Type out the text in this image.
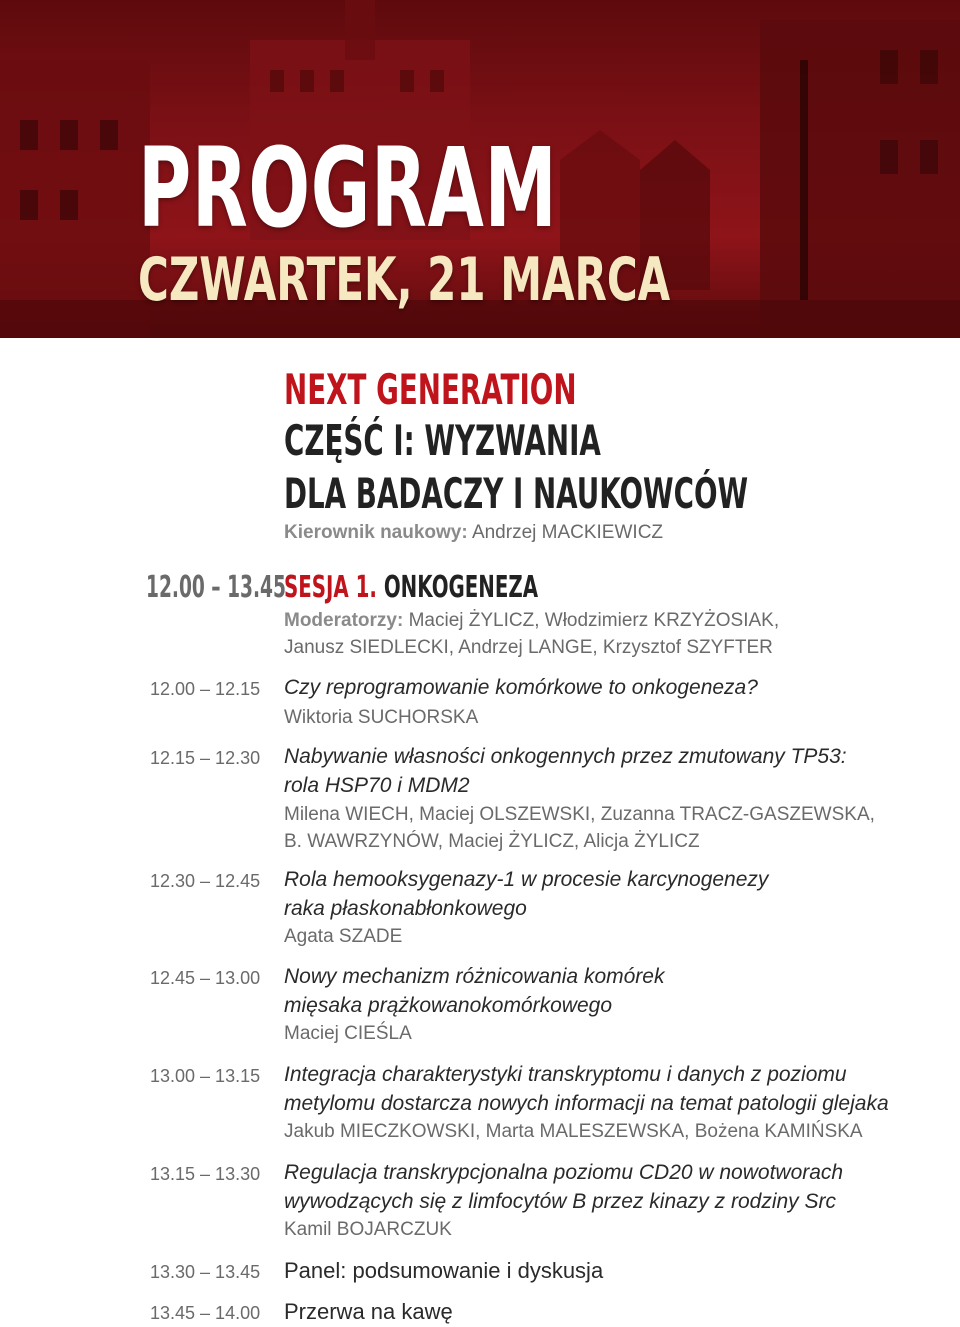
PROGRAM
CZWARTEK, 21 MARCA
NEXT GENERATION
CZĘŚĆ I: WYZWANIA
DLA BADACZY I NAUKOWCÓW
Kierownik naukowy: Andrzej MACKIEWICZ
12.00 – 13.45
SESJA 1. ONKOGENEZA
Moderatorzy: Maciej ŻYLICZ, Włodzimierz KRZYŻOSIAK,
Janusz SIEDLECKI, Andrzej LANGE, Krzysztof SZYFTER
12.00 – 12.15 Czy reprogramowanie komórkowe to onkogeneza?
Wiktoria SUCHORSKA
12.15 – 12.30 Nabywanie własności onkogennych przez zmutowany TP53:
rola HSP70 i MDM2
Milena WIECH, Maciej OLSZEWSKI, Zuzanna TRACZ-GASZEWSKA,
B. WAWRZYNÓW, Maciej ŻYLICZ, Alicja ŻYLICZ
12.30 – 12.45 Rola hemooksygenazy-1 w procesie karcynogenezy
raka płaskonabłonkowego
Agata SZADE
12.45 – 13.00 Nowy mechanizm różnicowania komórek
mięsaka prążkowanokomórkowego
Maciej CIEŚLA
13.00 – 13.15 Integracja charakterystyki transkryptomu i danych z poziomu
metylomu dostarcza nowych informacji na temat patologii glejaka
Jakub MIECZKOWSKI, Marta MALESZEWSKA, Bożena KAMIŃSKA
13.15 – 13.30 Regulacja transkrypcjonalna poziomu CD20 w nowotworach
wywodzących się z limfocytów B przez kinazy z rodziny Src
Kamil BOJARCZUK
13.30 – 13.45 Panel: podsumowanie i dyskusja
13.45 – 14.00 Przerwa na kawę
